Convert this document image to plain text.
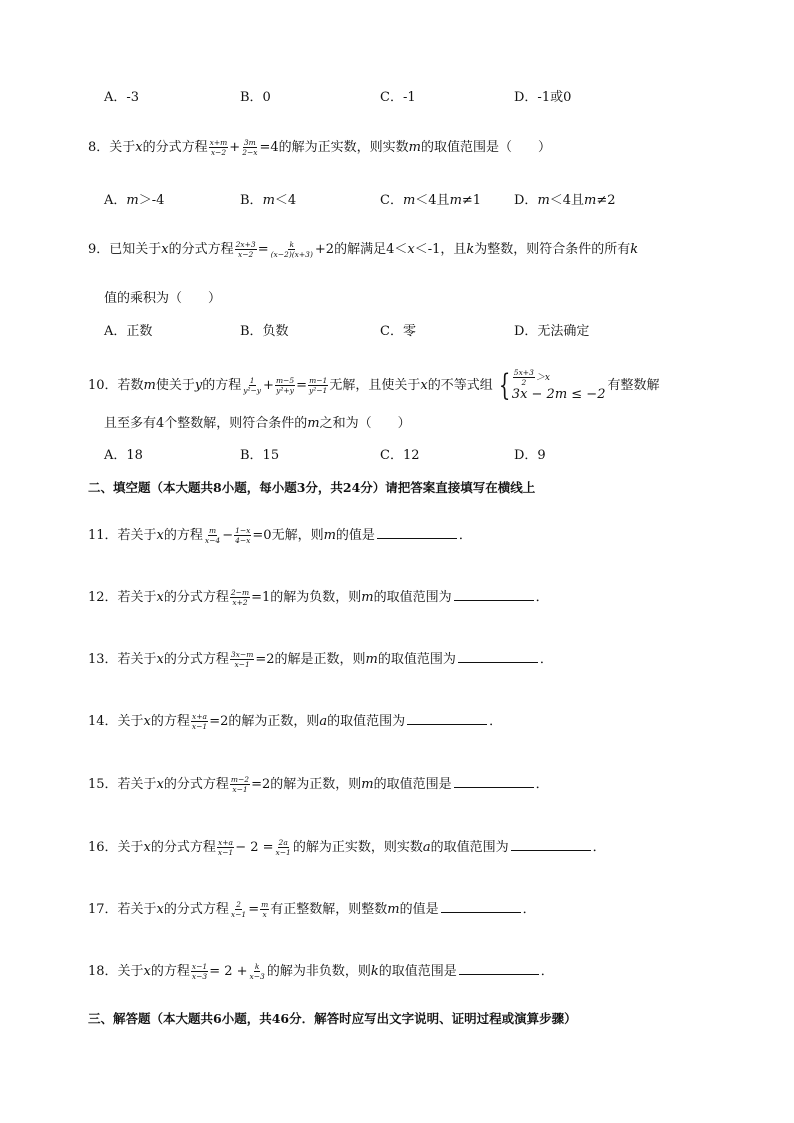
A．-3	B．0	C．-1	D．-1或0
8．关于x的分式方程 $\frac{x+m}{x-2} + \frac{3m}{2-x} =4$的解为正实数，则实数m的取值范围是（　　）
A．m＞-4	B．m＜4	C．m＜4且m≠1	D．m＜4且m≠2
9．已知关于x的分式方程 $\frac{2x+3}{x-2} = \frac{k}{(x-2)(x+3)} +2$的解满足4＜x＜-1，且k为整数，则符合条件的所有k
值的乘积为（　　）
A．正数	B．负数	C．零	D．无法确定
10．若数m使关于y的方程 $\frac{1}{\text{y²−y}} + \frac{m-5}{\text{y²+y}} = \frac{m-1}{\text{y²−1}}$ 无解，且使关于x的不等式组 { $\frac{5x+3}{2} >x$
3x − 2m ≤ −2
有整数解
且至多有4个整数解，则符合条件的m之和为（　　）
A．18	B．15	C．12	D．9
二、填空题（本大题共8小题，每小题3分，共24分）请把答案直接填写在横线上
11．若关于x的方程 $\frac{m}{x-4} - \frac{1-x}{4-x} =0$无解，则m的值是	．
12．若关于x的分式方程 $\frac{2-m}{x+2} =1$的解为负数，则m的取值范围为	．
13．若关于x的分式方程 $\frac{3x-m}{x-1} =2$的解是正数，则m的取值范围为	．
14．关于x的方程 $\frac{x+a}{x-1} =2$的解为正数，则a的取值范围为	．
15．若关于x的分式方程 $\frac{m-2}{x-1} =2$的解为正数，则m的取值范围是	．
16．关于x的分式方程 $\frac{x+a}{x-1} - 2 = \frac{2a}{x-1}$ 的解为正实数，则实数a的取值范围为	．
17．若关于x的分式方程 $\frac{2}{x-1} = \frac{m}{x}$ 有正整数解，则整数m的值是	．
18．关于x的方程 $\frac{x-1}{x-3} = 2 + \frac{k}{x-3}$ 的解为非负数，则k的取值范围是	．
三、解答题（本大题共6小题，共46分．解答时应写出文字说明、证明过程或演算步骤）
